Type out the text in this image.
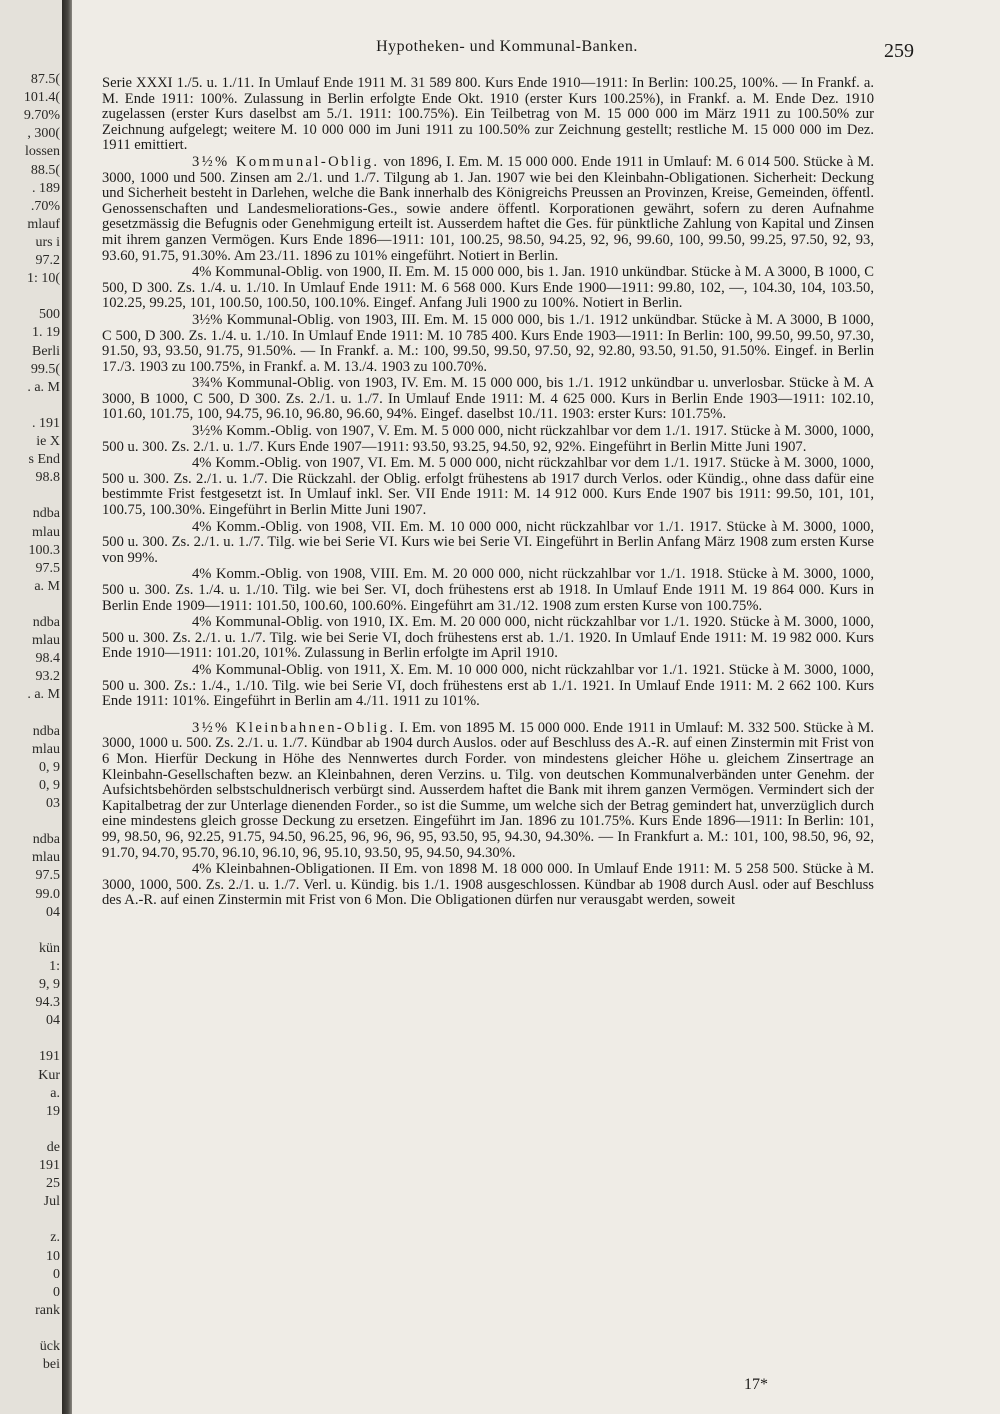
87.5(
101.4(
9.70%
, 300(
lossen
88.5(
. 189
.70%
mlauf
urs i
97.2
1: 10(
500
1. 19
Berli
99.5(
. a. M
. 191
ie X
s End
98.8
ndba
mlau
100.3
97.5
a. M
ndba
mlau
98.4
93.2
. a. M
ndba
mlau
0, 9
0, 9
03
ndba
mlau
97.5
99.0
04
kün
1:
9, 9
94.3
04
191
Kur
a.
19
de
191
25
Jul
z.
10
0
0
rank
ück
bei
Hypotheken- und Kommunal-Banken.	259

Serie XXXI 1./5. u. 1./11. In Umlauf Ende 1911 M. 31 589 800. Kurs Ende 1910—1911: In Berlin: 100.25, 100%. — In Frankf. a. M. Ende 1911: 100%. Zulassung in Berlin erfolgte Ende Okt. 1910 (erster Kurs 100.25%), in Frankf. a. M. Ende Dez. 1910 zugelassen (erster Kurs daselbst am 5./1. 1911: 100.75%). Ein Teilbetrag von M. 15 000 000 im März 1911 zu 100.50% zur Zeichnung aufgelegt; weitere M. 10 000 000 im Juni 1911 zu 100.50% zur Zeichnung gestellt; restliche M. 15 000 000 im Dez. 1911 emittiert.

3½% Kommunal-Oblig. von 1896, I. Em. M. 15 000 000. Ende 1911 in Umlauf: M. 6 014 500. Stücke à M. 3000, 1000 und 500. Zinsen am 2./1. und 1./7. Tilgung ab 1. Jan. 1907 wie bei den Kleinbahn-Obligationen. Sicherheit: Deckung und Sicherheit besteht in Darlehen, welche die Bank innerhalb des Königreichs Preussen an Provinzen, Kreise, Gemeinden, öffentl. Genossenschaften und Landesmeliorations-Ges., sowie andere öffentl. Korporationen gewährt, sofern zu deren Aufnahme gesetzmässig die Befugnis oder Genehmigung erteilt ist. Ausserdem haftet die Ges. für pünktliche Zahlung von Kapital und Zinsen mit ihrem ganzen Vermögen. Kurs Ende 1896—1911: 101, 100.25, 98.50, 94.25, 92, 96, 99.60, 100, 99.50, 99.25, 97.50, 92, 93, 93.60, 91.75, 91.30%. Am 23./11. 1896 zu 101% eingeführt. Notiert in Berlin.

4% Kommunal-Oblig. von 1900, II. Em. M. 15 000 000, bis 1. Jan. 1910 unkündbar. Stücke à M. A 3000, B 1000, C 500, D 300. Zs. 1./4. u. 1./10. In Umlauf Ende 1911: M. 6 568 000. Kurs Ende 1900—1911: 99.80, 102, —, 104.30, 104, 103.50, 102.25, 99.25, 101, 100.50, 100.50, 100.10%. Eingef. Anfang Juli 1900 zu 100%. Notiert in Berlin.

3½% Kommunal-Oblig. von 1903, III. Em. M. 15 000 000, bis 1./1. 1912 unkündbar. Stücke à M. A 3000, B 1000, C 500, D 300. Zs. 1./4. u. 1./10. In Umlauf Ende 1911: M. 10 785 400. Kurs Ende 1903—1911: In Berlin: 100, 99.50, 99.50, 97.30, 91.50, 93, 93.50, 91.75, 91.50%. — In Frankf. a. M.: 100, 99.50, 99.50, 97.50, 92, 92.80, 93.50, 91.50, 91.50%. Eingef. in Berlin 17./3. 1903 zu 100.75%, in Frankf. a. M. 13./4. 1903 zu 100.70%.

3¾% Kommunal-Oblig. von 1903, IV. Em. M. 15 000 000, bis 1./1. 1912 unkündbar u. unverlosbar. Stücke à M. A 3000, B 1000, C 500, D 300. Zs. 2./1. u. 1./7. In Umlauf Ende 1911: M. 4 625 000. Kurs in Berlin Ende 1903—1911: 102.10, 101.60, 101.75, 100, 94.75, 96.10, 96.80, 96.60, 94%. Eingef. daselbst 10./11. 1903: erster Kurs: 101.75%.

3½% Komm.-Oblig. von 1907, V. Em. M. 5 000 000, nicht rückzahlbar vor dem 1./1. 1917. Stücke à M. 3000, 1000, 500 u. 300. Zs. 2./1. u. 1./7. Kurs Ende 1907—1911: 93.50, 93.25, 94.50, 92, 92%. Eingeführt in Berlin Mitte Juni 1907.

4% Komm.-Oblig. von 1907, VI. Em. M. 5 000 000, nicht rückzahlbar vor dem 1./1. 1917. Stücke à M. 3000, 1000, 500 u. 300. Zs. 2./1. u. 1./7. Die Rückzahl. der Oblig. erfolgt frühestens ab 1917 durch Verlos. oder Kündig., ohne dass dafür eine bestimmte Frist festgesetzt ist. In Umlauf inkl. Ser. VII Ende 1911: M. 14 912 000. Kurs Ende 1907 bis 1911: 99.50, 101, 101, 100.75, 100.30%. Eingeführt in Berlin Mitte Juni 1907.

4% Komm.-Oblig. von 1908, VII. Em. M. 10 000 000, nicht rückzahlbar vor 1./1. 1917. Stücke à M. 3000, 1000, 500 u. 300. Zs. 2./1. u. 1./7. Tilg. wie bei Serie VI. Kurs wie bei Serie VI. Eingeführt in Berlin Anfang März 1908 zum ersten Kurse von 99%.

4% Komm.-Oblig. von 1908, VIII. Em. M. 20 000 000, nicht rückzahlbar vor 1./1. 1918. Stücke à M. 3000, 1000, 500 u. 300. Zs. 1./4. u. 1./10. Tilg. wie bei Ser. VI, doch frühestens erst ab 1918. In Umlauf Ende 1911 M. 19 864 000. Kurs in Berlin Ende 1909—1911: 101.50, 100.60, 100.60%. Eingeführt am 31./12. 1908 zum ersten Kurse von 100.75%.

4% Kommunal-Oblig. von 1910, IX. Em. M. 20 000 000, nicht rückzahlbar vor 1./1. 1920. Stücke à M. 3000, 1000, 500 u. 300. Zs. 2./1. u. 1./7. Tilg. wie bei Serie VI, doch frühestens erst ab. 1./1. 1920. In Umlauf Ende 1911: M. 19 982 000. Kurs Ende 1910—1911: 101.20, 101%. Zulassung in Berlin erfolgte im April 1910.

4% Kommunal-Oblig. von 1911, X. Em. M. 10 000 000, nicht rückzahlbar vor 1./1. 1921. Stücke à M. 3000, 1000, 500 u. 300. Zs.: 1./4., 1./10. Tilg. wie bei Serie VI, doch frühestens erst ab 1./1. 1921. In Umlauf Ende 1911: M. 2 662 100. Kurs Ende 1911: 101%. Eingeführt in Berlin am 4./11. 1911 zu 101%.

3½% Kleinbahnen-Oblig. I. Em. von 1895 M. 15 000 000. Ende 1911 in Umlauf: M. 332 500. Stücke à M. 3000, 1000 u. 500. Zs. 2./1. u. 1./7. Kündbar ab 1904 durch Auslos. oder auf Beschluss des A.-R. auf einen Zinstermin mit Frist von 6 Mon. Hierfür Deckung in Höhe des Nennwertes durch Forder. von mindestens gleicher Höhe u. gleichem Zinsertrage an Kleinbahn-Gesellschaften bezw. an Kleinbahnen, deren Verzins. u. Tilg. von deutschen Kommunalverbänden unter Genehm. der Aufsichtsbehörden selbstschuldnerisch verbürgt sind. Ausserdem haftet die Bank mit ihrem ganzen Vermögen. Vermindert sich der Kapitalbetrag der zur Unterlage dienenden Forder., so ist die Summe, um welche sich der Betrag gemindert hat, unverzüglich durch eine mindestens gleich grosse Deckung zu ersetzen. Eingeführt im Jan. 1896 zu 101.75%. Kurs Ende 1896—1911: In Berlin: 101, 99, 98.50, 96, 92.25, 91.75, 94.50, 96.25, 96, 96, 96, 95, 93.50, 95, 94.30, 94.30%. — In Frankfurt a. M.: 101, 100, 98.50, 96, 92, 91.70, 94.70, 95.70, 96.10, 96.10, 96, 95.10, 93.50, 95, 94.50, 94.30%.

4% Kleinbahnen-Obligationen. II Em. von 1898 M. 18 000 000. In Umlauf Ende 1911: M. 5 258 500. Stücke à M. 3000, 1000, 500. Zs. 2./1. u. 1./7. Verl. u. Kündig. bis 1./1. 1908 ausgeschlossen. Kündbar ab 1908 durch Ausl. oder auf Beschluss des A.-R. auf einen Zinstermin mit Frist von 6 Mon. Die Obligationen dürfen nur verausgabt werden, soweit

17*
